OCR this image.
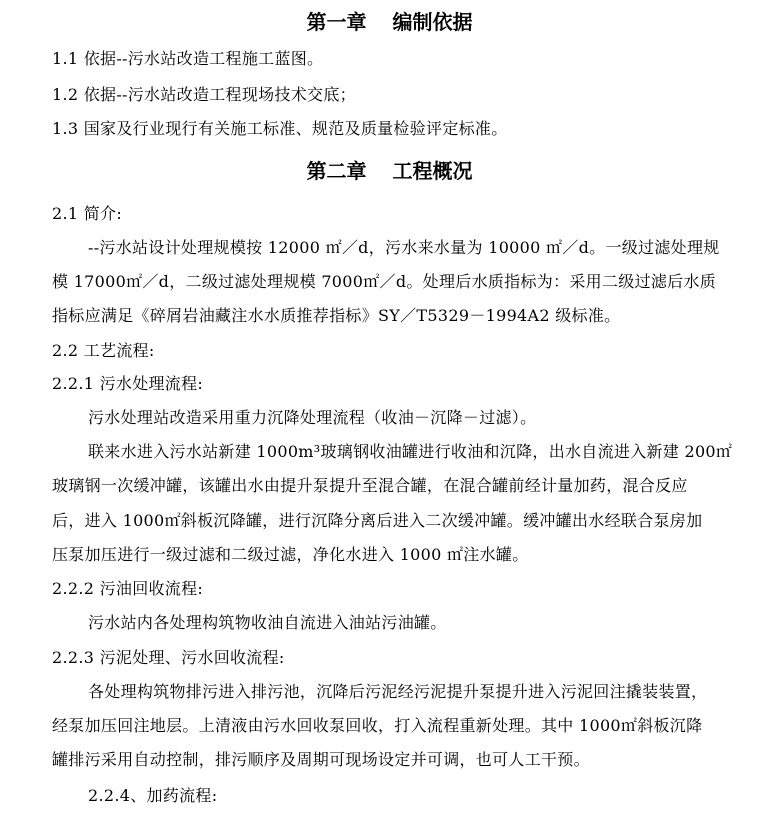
第一章 编制依据
1.1 依据--污水站改造工程施工蓝图。
1.2 依据--污水站改造工程现场技术交底；
1.3 国家及行业现行有关施工标准、规范及质量检验评定标准。
第二章 工程概况
2.1 简介:
--污水站设计处理规模按 12000 ㎡／d，污水来水量为 10000 ㎡／d。一级过滤处理规
模 17000㎡／d，二级过滤处理规模 7000㎡／d。处理后水质指标为：采用二级过滤后水质
指标应满足《碎屑岩油藏注水水质推荐指标》SY／T5329－1994A2 级标准。
2.2 工艺流程:
2.2.1 污水处理流程:
污水处理站改造采用重力沉降处理流程（收油－沉降－过滤）。
联来水进入污水站新建 1000m³玻璃钢收油罐进行收油和沉降，出水自流进入新建 200㎡
玻璃钢一次缓冲罐，该罐出水由提升泵提升至混合罐，在混合罐前经计量加药，混合反应
后，进入 1000㎡斜板沉降罐，进行沉降分离后进入二次缓冲罐。缓冲罐出水经联合泵房加
压泵加压进行一级过滤和二级过滤，净化水进入 1000 ㎡注水罐。
2.2.2 污油回收流程:
污水站内各处理构筑物收油自流进入油站污油罐。
2.2.3 污泥处理、污水回收流程:
各处理构筑物排污进入排污池，沉降后污泥经污泥提升泵提升进入污泥回注撬装装置，
经泵加压回注地层。上清液由污水回收泵回收，打入流程重新处理。其中 1000㎡斜板沉降
罐排污采用自动控制，排污顺序及周期可现场设定并可调，也可人工干预。
2.2.4、加药流程:
